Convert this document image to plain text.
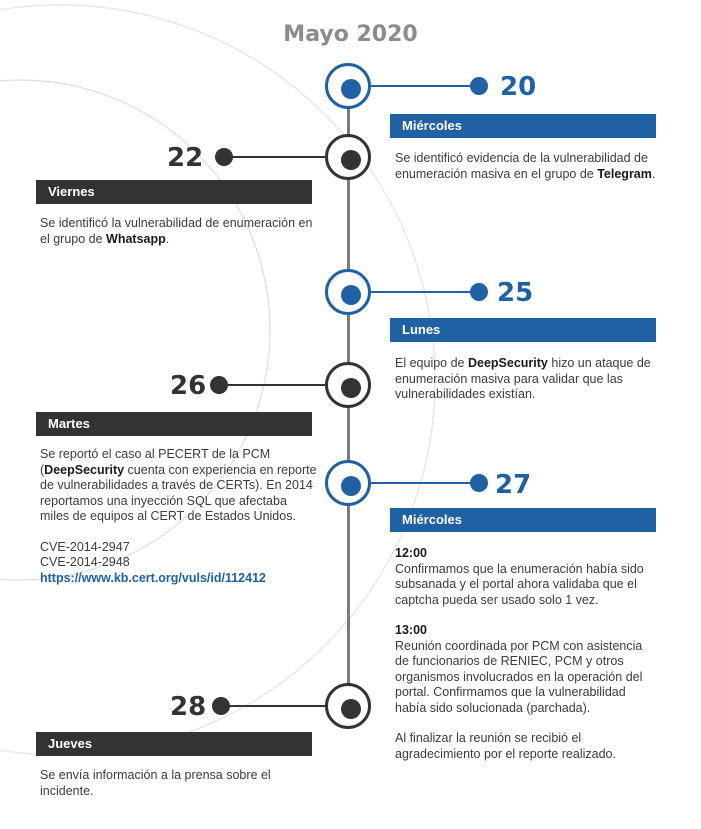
Mayo 2020
20
Miércoles
Se identificó evidencia de la vulnerabilidad de enumeración masiva en el grupo de Telegram.
22
Viernes
Se identificó la vulnerabilidad de enumeración en el grupo de Whatsapp.
25
Lunes
El equipo de DeepSecurity hizo un ataque de enumeración masiva para validar que las vulnerabilidades existían.
26
Martes
Se reportó el caso al PECERT de la PCM (DeepSecurity cuenta con experiencia en reporte de vulnerabilidades a través de CERTs). En 2014 reportamos una inyección SQL que afectaba miles de equipos al CERT de Estados Unidos.
CVE-2014-2947
CVE-2014-2948
https://www.kb.cert.org/vuls/id/112412
27
Miércoles
12:00
Confirmamos que la enumeración había sido subsanada y el portal ahora validaba que el captcha pueda ser usado solo 1 vez.
13:00
Reunión coordinada por PCM con asistencia de funcionarios de RENIEC, PCM y otros organismos involucrados en la operación del portal. Confirmamos que la vulnerabilidad había sido solucionada (parchada).
Al finalizar la reunión se recibió el agradecimiento por el reporte realizado.
28
Jueves
Se envía información a la prensa sobre el incidente.
